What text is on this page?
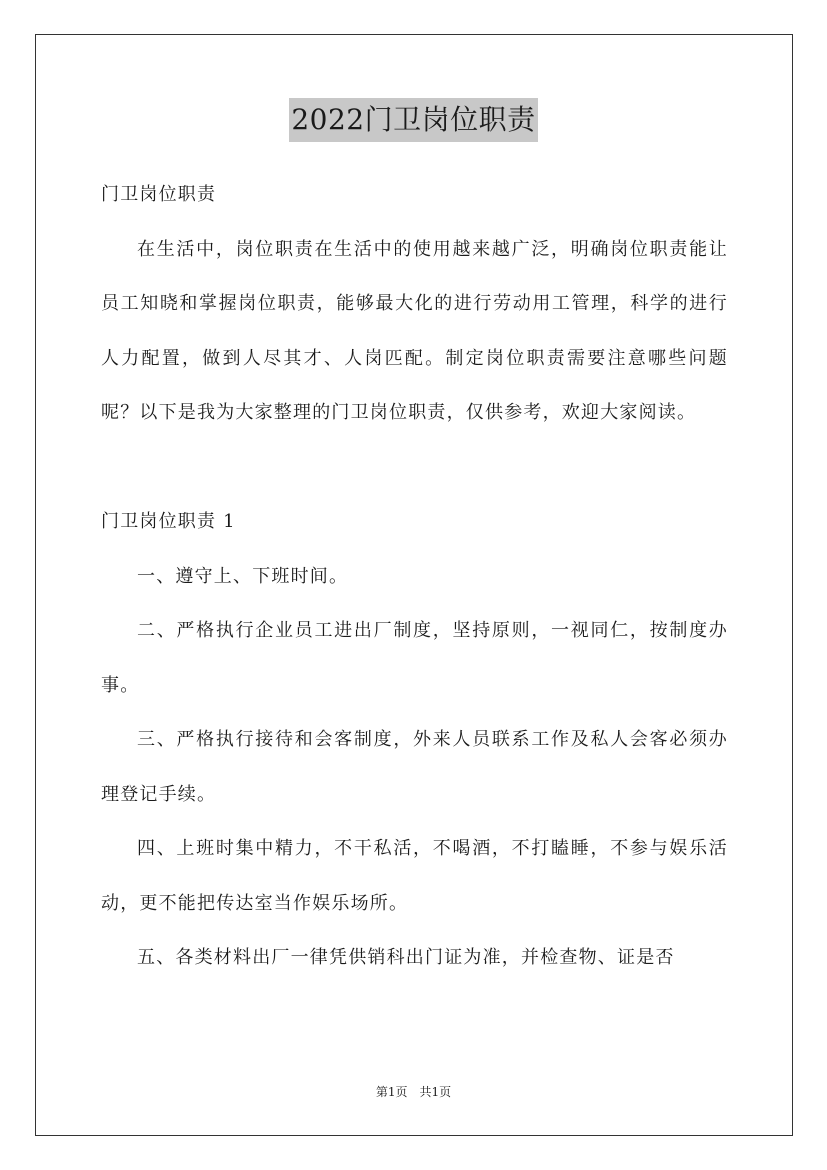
2022门卫岗位职责

门卫岗位职责

在生活中，岗位职责在生活中的使用越来越广泛，明确岗位职责能让员工知晓和掌握岗位职责，能够最大化的进行劳动用工管理，科学的进行人力配置，做到人尽其才、人岗匹配。制定岗位职责需要注意哪些问题呢？以下是我为大家整理的门卫岗位职责，仅供参考，欢迎大家阅读。

门卫岗位职责 1

一、遵守上、下班时间。

二、严格执行企业员工进出厂制度，坚持原则，一视同仁，按制度办事。

三、严格执行接待和会客制度，外来人员联系工作及私人会客必须办理登记手续。

四、上班时集中精力，不干私活，不喝酒，不打瞌睡，不参与娱乐活动，更不能把传达室当作娱乐场所。

五、各类材料出厂一律凭供销科出门证为准，并检查物、证是否

第1页 共1页
